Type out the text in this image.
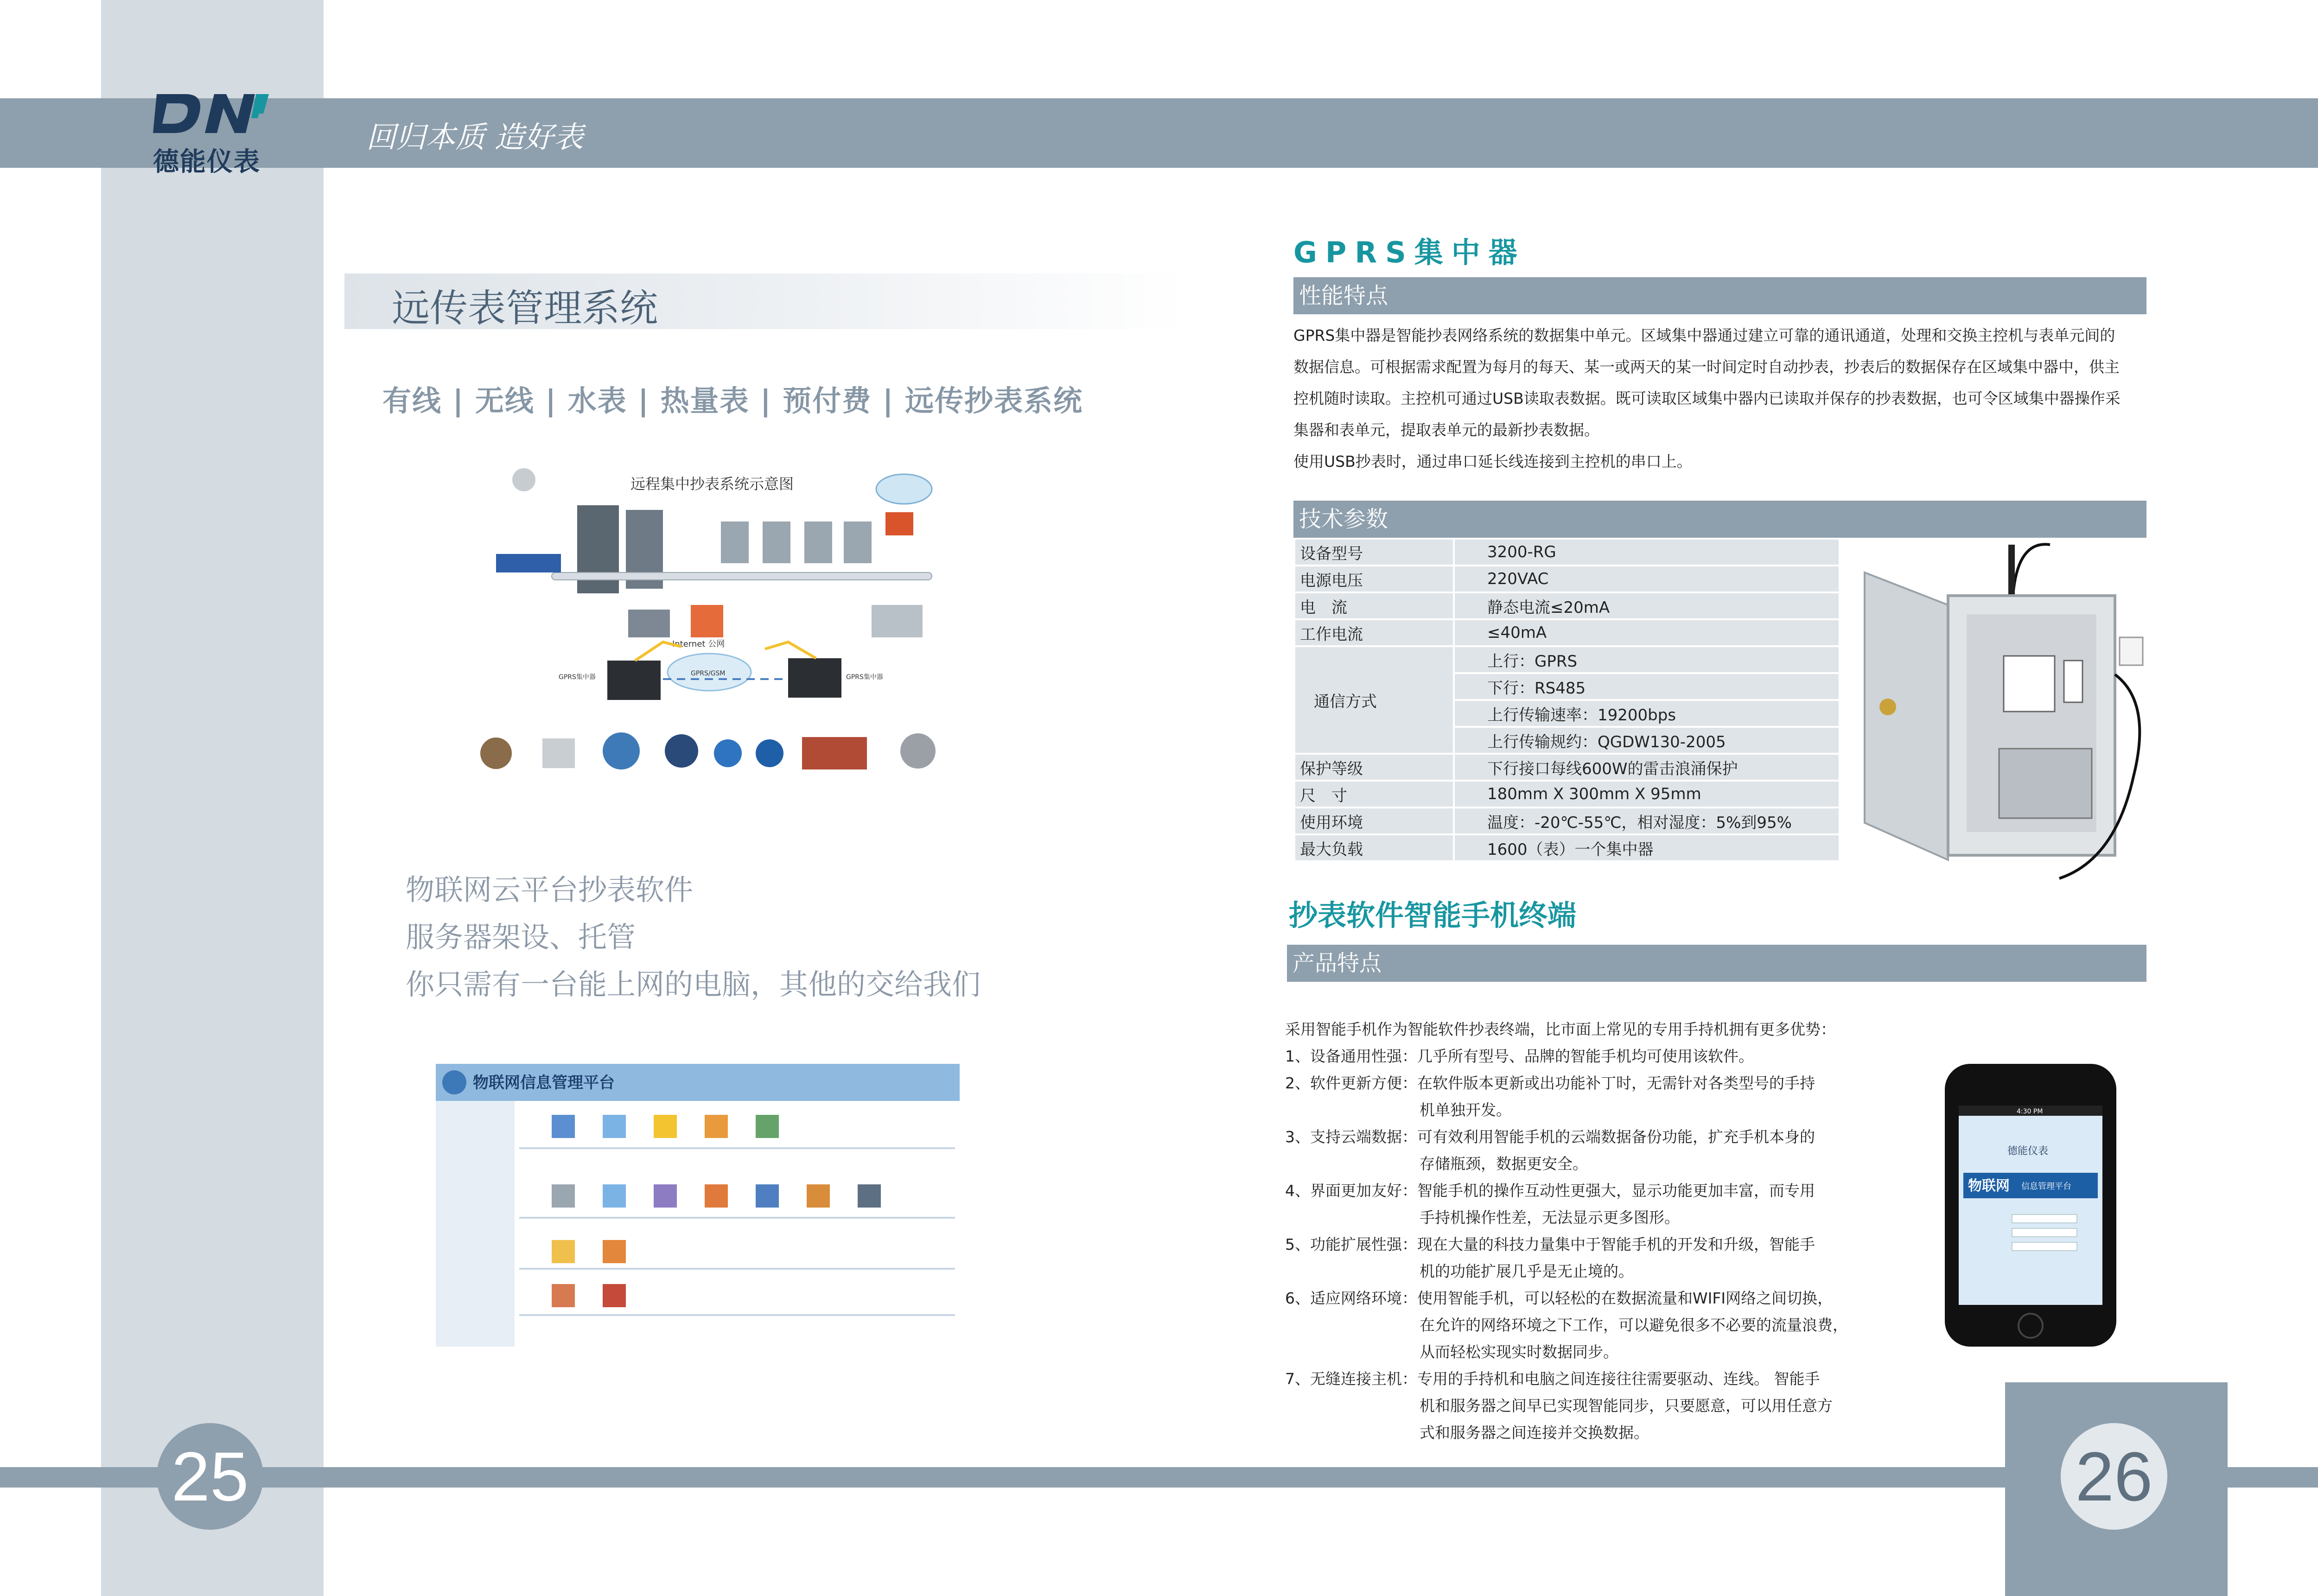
德能仪表
回归本质 造好表
远传表管理系统
有线 | 无线 | 水表 | 热量表 | 预付费 | 远传抄表系统
远程集中抄表系统示意图
Internet 公网
GPRS/GSM
GPRS集中器	GPRS集中器
物联网云平台抄表软件
服务器架设、托管
你只需有一台能上网的电脑，其他的交给我们
物联网信息管理平台
25
GPRS集中器
性能特点
GPRS集中器是智能抄表网络系统的数据集中单元。区域集中器通过建立可靠的通讯通道，处理和交换主控机与表单元间的数据信息。可根据需求配置为每月的每天、某一或两天的某一时间定时自动抄表，抄表后的数据保存在区域集中器中，供主控机随时读取。主控机可通过USB读取表数据。既可读取区域集中器内已读取并保存的抄表数据，也可令区域集中器操作采集器和表单元，提取表单元的最新抄表数据。
使用USB抄表时，通过串口延长线连接到主控机的串口上。
技术参数
设备型号	3200-RG
电源电压	220VAC
电　流	静态电流≤20mA
工作电流	≤40mA
通信方式	上行：GPRS
	下行：RS485
	上行传输速率：19200bps
	上行传输规约：QGDW130-2005
保护等级	下行接口每线600W的雷击浪涌保护
尺　寸	180mm X 300mm X 95mm
使用环境	温度：-20℃-55℃，相对湿度：5%到95%
最大负载	1600（表）一个集中器
抄表软件智能手机终端
产品特点
采用智能手机作为智能软件抄表终端，比市面上常见的专用手持机拥有更多优势：
1、设备通用性强：几乎所有型号、品牌的智能手机均可使用该软件。
2、软件更新方便：在软件版本更新或出功能补丁时，无需针对各类型号的手持
机单独开发。
3、支持云端数据：可有效利用智能手机的云端数据备份功能，扩充手机本身的
存储瓶颈，数据更安全。
4、界面更加友好：智能手机的操作互动性更强大，显示功能更加丰富，而专用
手持机操作性差，无法显示更多图形。
5、功能扩展性强：现在大量的科技力量集中于智能手机的开发和升级，智能手
机的功能扩展几乎是无止境的。
6、适应网络环境：使用智能手机，可以轻松的在数据流量和WIFI网络之间切换，
在允许的网络环境之下工作，可以避免很多不必要的流量浪费，
从而轻松实现实时数据同步。
7、无缝连接主机：专用的手持机和电脑之间连接往往需要驱动、连线。 智能手
机和服务器之间早已实现智能同步，只要愿意，可以用任意方
式和服务器之间连接并交换数据。
4:30 PM
德能仪表
物联网 信息管理平台
26
